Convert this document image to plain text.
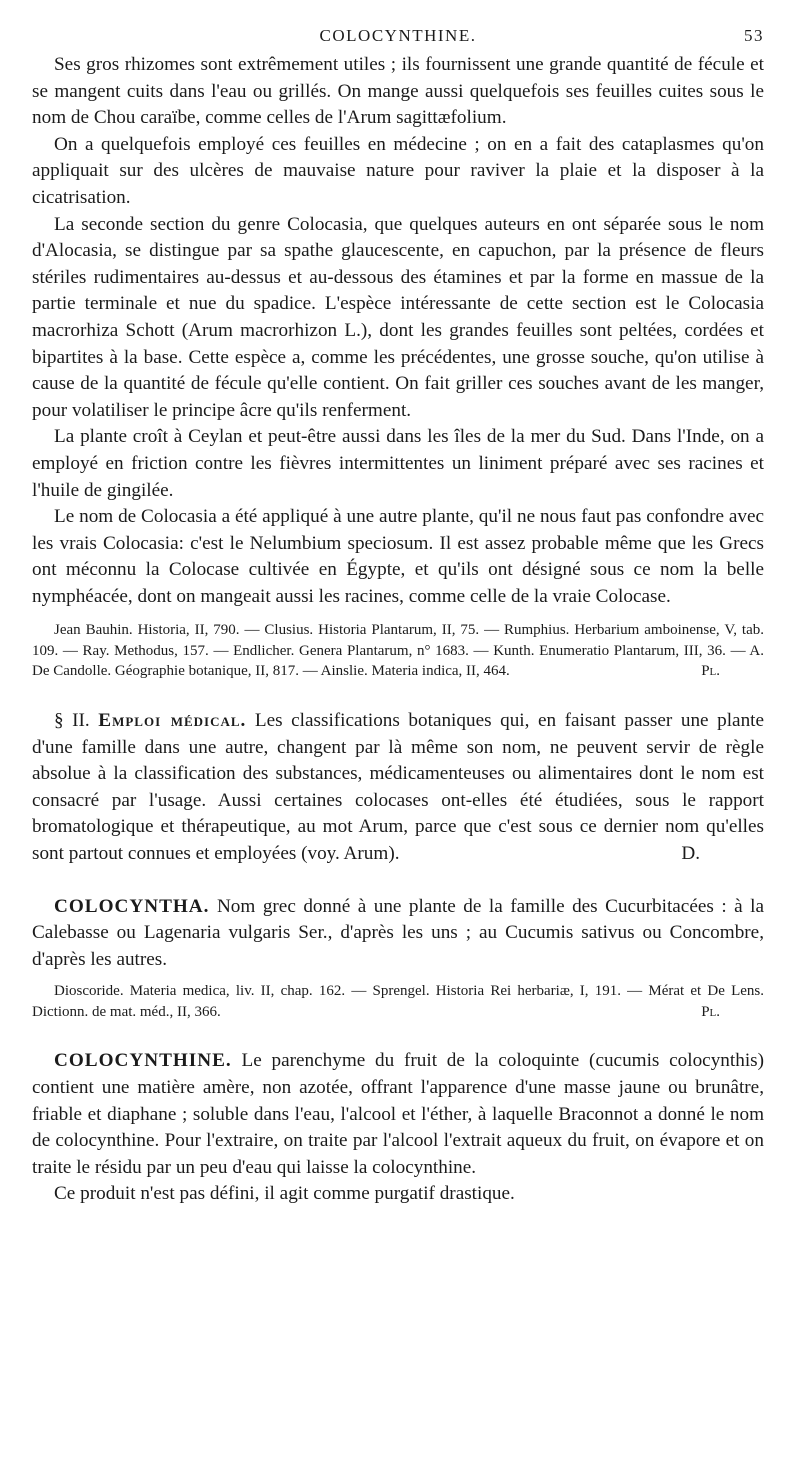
COLOCYNTHINE.	53

Ses gros rhizomes sont extrêmement utiles ; ils fournissent une grande quantité de fécule et se mangent cuits dans l'eau ou grillés. On mange aussi quelquefois ses feuilles cuites sous le nom de Chou caraïbe, comme celles de l'Arum sagittæfolium.

On a quelquefois employé ces feuilles en médecine ; on en a fait des cataplasmes qu'on appliquait sur des ulcères de mauvaise nature pour raviver la plaie et la disposer à la cicatrisation.

La seconde section du genre Colocasia, que quelques auteurs en ont séparée sous le nom d'Alocasia, se distingue par sa spathe glaucescente, en capuchon, par la présence de fleurs stériles rudimentaires au-dessus et au-dessous des étamines et par la forme en massue de la partie terminale et nue du spadice. L'espèce intéressante de cette section est le Colocasia macrorhiza Schott (Arum macrorhizon L.), dont les grandes feuilles sont peltées, cordées et bipartites à la base. Cette espèce a, comme les précédentes, une grosse souche, qu'on utilise à cause de la quantité de fécule qu'elle contient. On fait griller ces souches avant de les manger, pour volatiliser le principe âcre qu'ils renferment.

La plante croît à Ceylan et peut-être aussi dans les îles de la mer du Sud. Dans l'Inde, on a employé en friction contre les fièvres intermittentes un liniment préparé avec ses racines et l'huile de gingilée.

Le nom de Colocasia a été appliqué à une autre plante, qu'il ne nous faut pas confondre avec les vrais Colocasia: c'est le Nelumbium speciosum. Il est assez probable même que les Grecs ont méconnu la Colocase cultivée en Égypte, et qu'ils ont désigné sous ce nom la belle nymphéacée, dont on mangeait aussi les racines, comme celle de la vraie Colocase.

Jean Bauhin. Historia, II, 790. — Clusius. Historia Plantarum, II, 75. — Rumphius. Herbarium amboinense, V, tab. 109. — Ray. Methodus, 157. — Endlicher. Genera Plantarum, n° 1683. — Kunth. Enumeratio Plantarum, III, 36. — A. De Candolle. Géographie botanique, II, 817. — Ainslie. Materia indica, II, 464.	Pl.

§ II. Emploi médical. Les classifications botaniques qui, en faisant passer une plante d'une famille dans une autre, changent par là même son nom, ne peuvent servir de règle absolue à la classification des substances, médicamenteuses ou alimentaires dont le nom est consacré par l'usage. Aussi certaines colocases ont-elles été étudiées, sous le rapport bromatologique et thérapeutique, au mot Arum, parce que c'est sous ce dernier nom qu'elles sont partout connues et employées (voy. Arum).	D.

COLOCYNTHA. Nom grec donné à une plante de la famille des Cucurbitacées : à la Calebasse ou Lagenaria vulgaris Ser., d'après les uns ; au Cucumis sativus ou Concombre, d'après les autres.

Dioscoride. Materia medica, liv. II, chap. 162. — Sprengel. Historia Rei herbariæ, I, 191. — Mérat et De Lens. Dictionn. de mat. méd., II, 366.	Pl.

COLOCYNTHINE. Le parenchyme du fruit de la coloquinte (cucumis colocynthis) contient une matière amère, non azotée, offrant l'apparence d'une masse jaune ou brunâtre, friable et diaphane ; soluble dans l'eau, l'alcool et l'éther, à laquelle Braconnot a donné le nom de colocynthine. Pour l'extraire, on traite par l'alcool l'extrait aqueux du fruit, on évapore et on traite le résidu par un peu d'eau qui laisse la colocynthine.

Ce produit n'est pas défini, il agit comme purgatif drastique.
